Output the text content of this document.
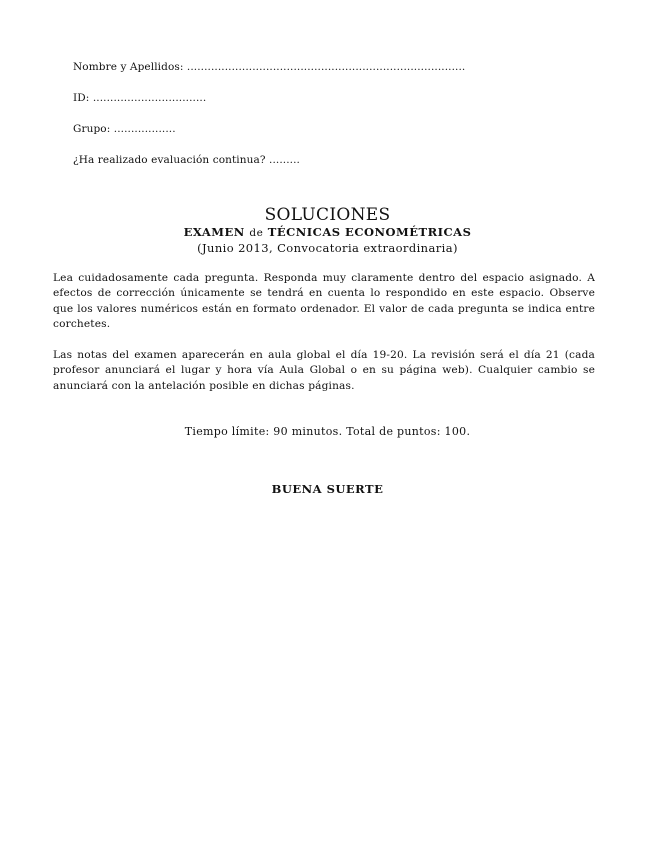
Nombre y Apellidos: .................................................................................
ID: .................................
Grupo: ..................
¿Ha realizado evaluación continua? .........
SOLUCIONES
EXAMEN de TÉCNICAS ECONOMÉTRICAS
(Junio 2013, Convocatoria extraordinaria)
Lea cuidadosamente cada pregunta. Responda muy claramente dentro del espacio asignado. A efectos de corrección únicamente se tendrá en cuenta lo respondido en este espacio. Observe que los valores numéricos están en formato ordenador. El valor de cada pregunta se indica entre corchetes.
Las notas del examen aparecerán en aula global el día 19-20. La revisión será el día 21 (cada profesor anunciará el lugar y hora vía Aula Global o en su página web). Cualquier cambio se anunciará con la antelación posible en dichas páginas.
Tiempo límite: 90 minutos. Total de puntos: 100.
BUENA SUERTE
